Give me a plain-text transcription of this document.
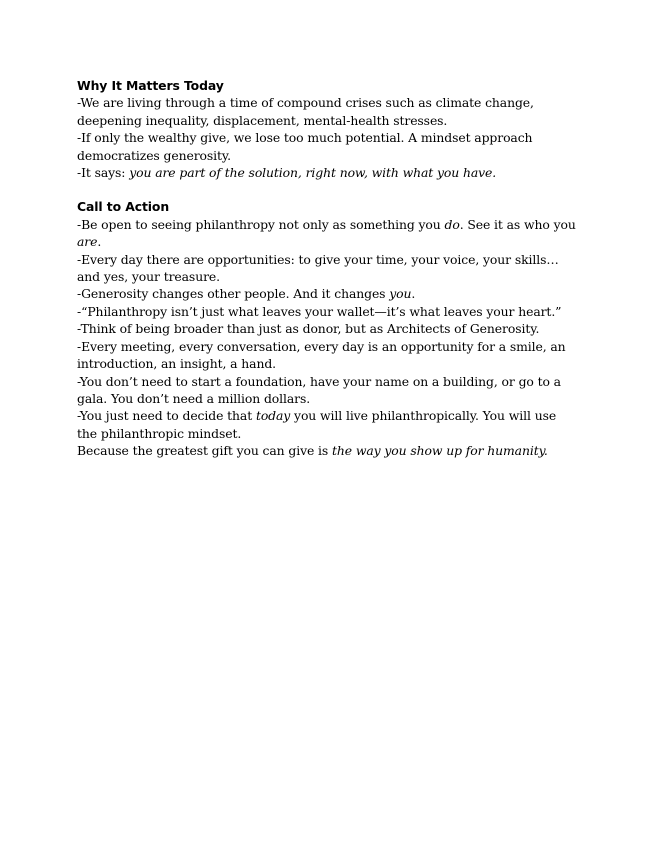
Why It Matters Today

-We are living through a time of compound crises such as climate change, deepening inequality, displacement, mental-health stresses.

-If only the wealthy give, we lose too much potential. A mindset approach democratizes generosity.

-It says: you are part of the solution, right now, with what you have.

Call to Action

-Be open to seeing philanthropy not only as something you do. See it as who you are.

-Every day there are opportunities: to give your time, your voice, your skills…and yes, your treasure.

-Generosity changes other people. And it changes you.

-“Philanthropy isn’t just what leaves your wallet—it’s what leaves your heart.”

-Think of being broader than just as donor, but as Architects of Generosity.

-Every meeting, every conversation, every day is an opportunity for a smile, an introduction, an insight, a hand.

-You don’t need to start a foundation, have your name on a building, or go to a gala. You don’t need a million dollars.

-You just need to decide that today you will live philanthropically. You will use the philanthropic mindset.

Because the greatest gift you can give is the way you show up for humanity.
